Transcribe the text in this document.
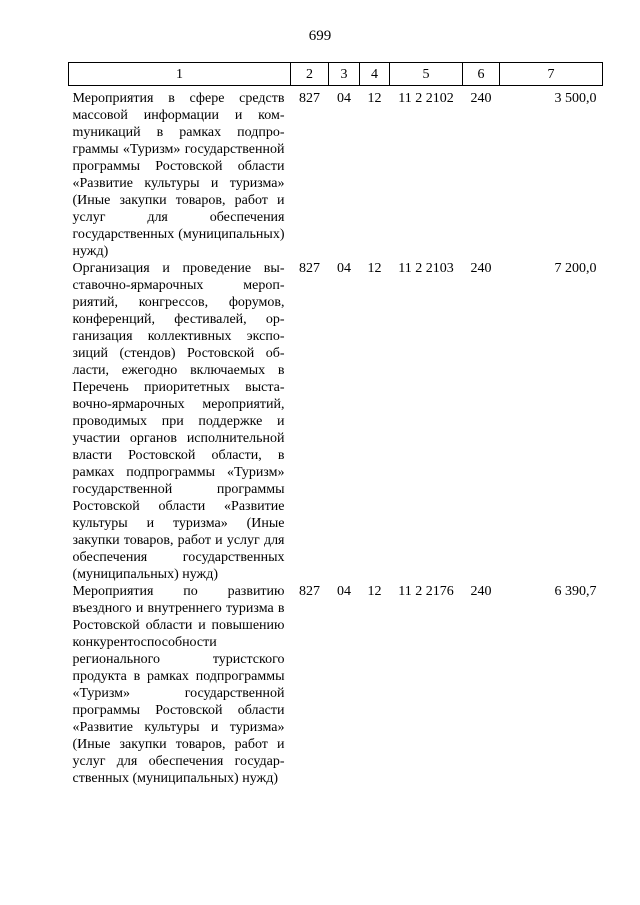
699
1	2	3	4	5	6	7
Мероприятия в сфере средств массовой информации и комmуникаций в рамках подпрограммы «Туризм» государственной программы Ростовской области «Развитие культуры и туризма» (Иные закупки товаров, работ и услуг для обеспечения государственных (муниципальных) нужд)	827	04	12	11 2 2102	240	3 500,0
Организация и проведение выставочно-ярмарочных мероприятий, конгрессов, форумов, конференций, фестивалей, организация коллективных экспозиций (стендов) Ростовской области, ежегодно включаемых в Перечень приоритетных выставочно-ярмарочных мероприятий, проводимых при поддержке и участии органов исполнительной власти Ростовской области, в рамках подпрограммы «Туризм» государственной программы Ростовской области «Развитие культуры и туризма» (Иные закупки товаров, работ и услуг для обеспечения государственных (муниципальных) нужд)	827	04	12	11 2 2103	240	7 200,0
Мероприятия по развитию въездного и внутреннего туризма в Ростовской области и повышению конкурентоспособности регионального туристского продукта в рамках подпрограммы «Туризм» государственной программы Ростовской области «Развитие культуры и туризма» (Иные закупки товаров, работ и услуг для обеспечения государственных (муниципальных) нужд)	827	04	12	11 2 2176	240	6 390,7
